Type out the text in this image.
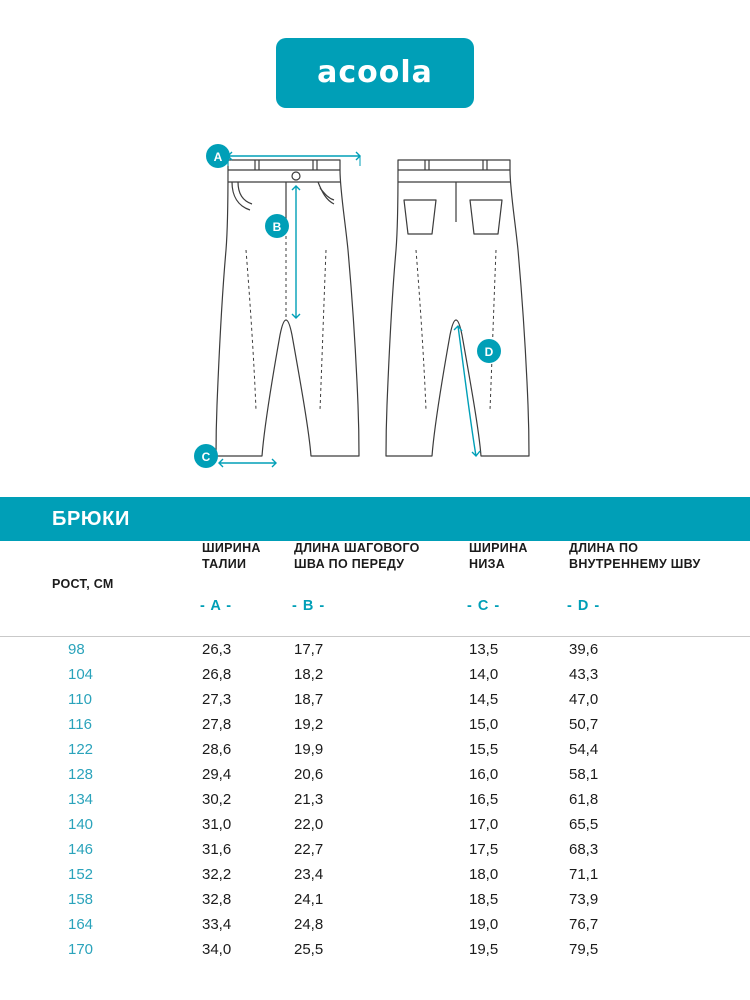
acoola
A
B
C
D
БРЮКИ
РОСТ, СМ

ШИРИНА
ТАЛИИ

ДЛИНА ШАГОВОГО
ШВА ПО ПЕРЕДУ

ШИРИНА
НИЗА

ДЛИНА ПО
ВНУТРЕННЕМУ ШВУ

	- A -	- B -	- C -	- D -
98	26,3	17,7	13,5	39,6
104	26,8	18,2	14,0	43,3
110	27,3	18,7	14,5	47,0
116	27,8	19,2	15,0	50,7
122	28,6	19,9	15,5	54,4
128	29,4	20,6	16,0	58,1
134	30,2	21,3	16,5	61,8
140	31,0	22,0	17,0	65,5
146	31,6	22,7	17,5	68,3
152	32,2	23,4	18,0	71,1
158	32,8	24,1	18,5	73,9
164	33,4	24,8	19,0	76,7
170	34,0	25,5	19,5	79,5
